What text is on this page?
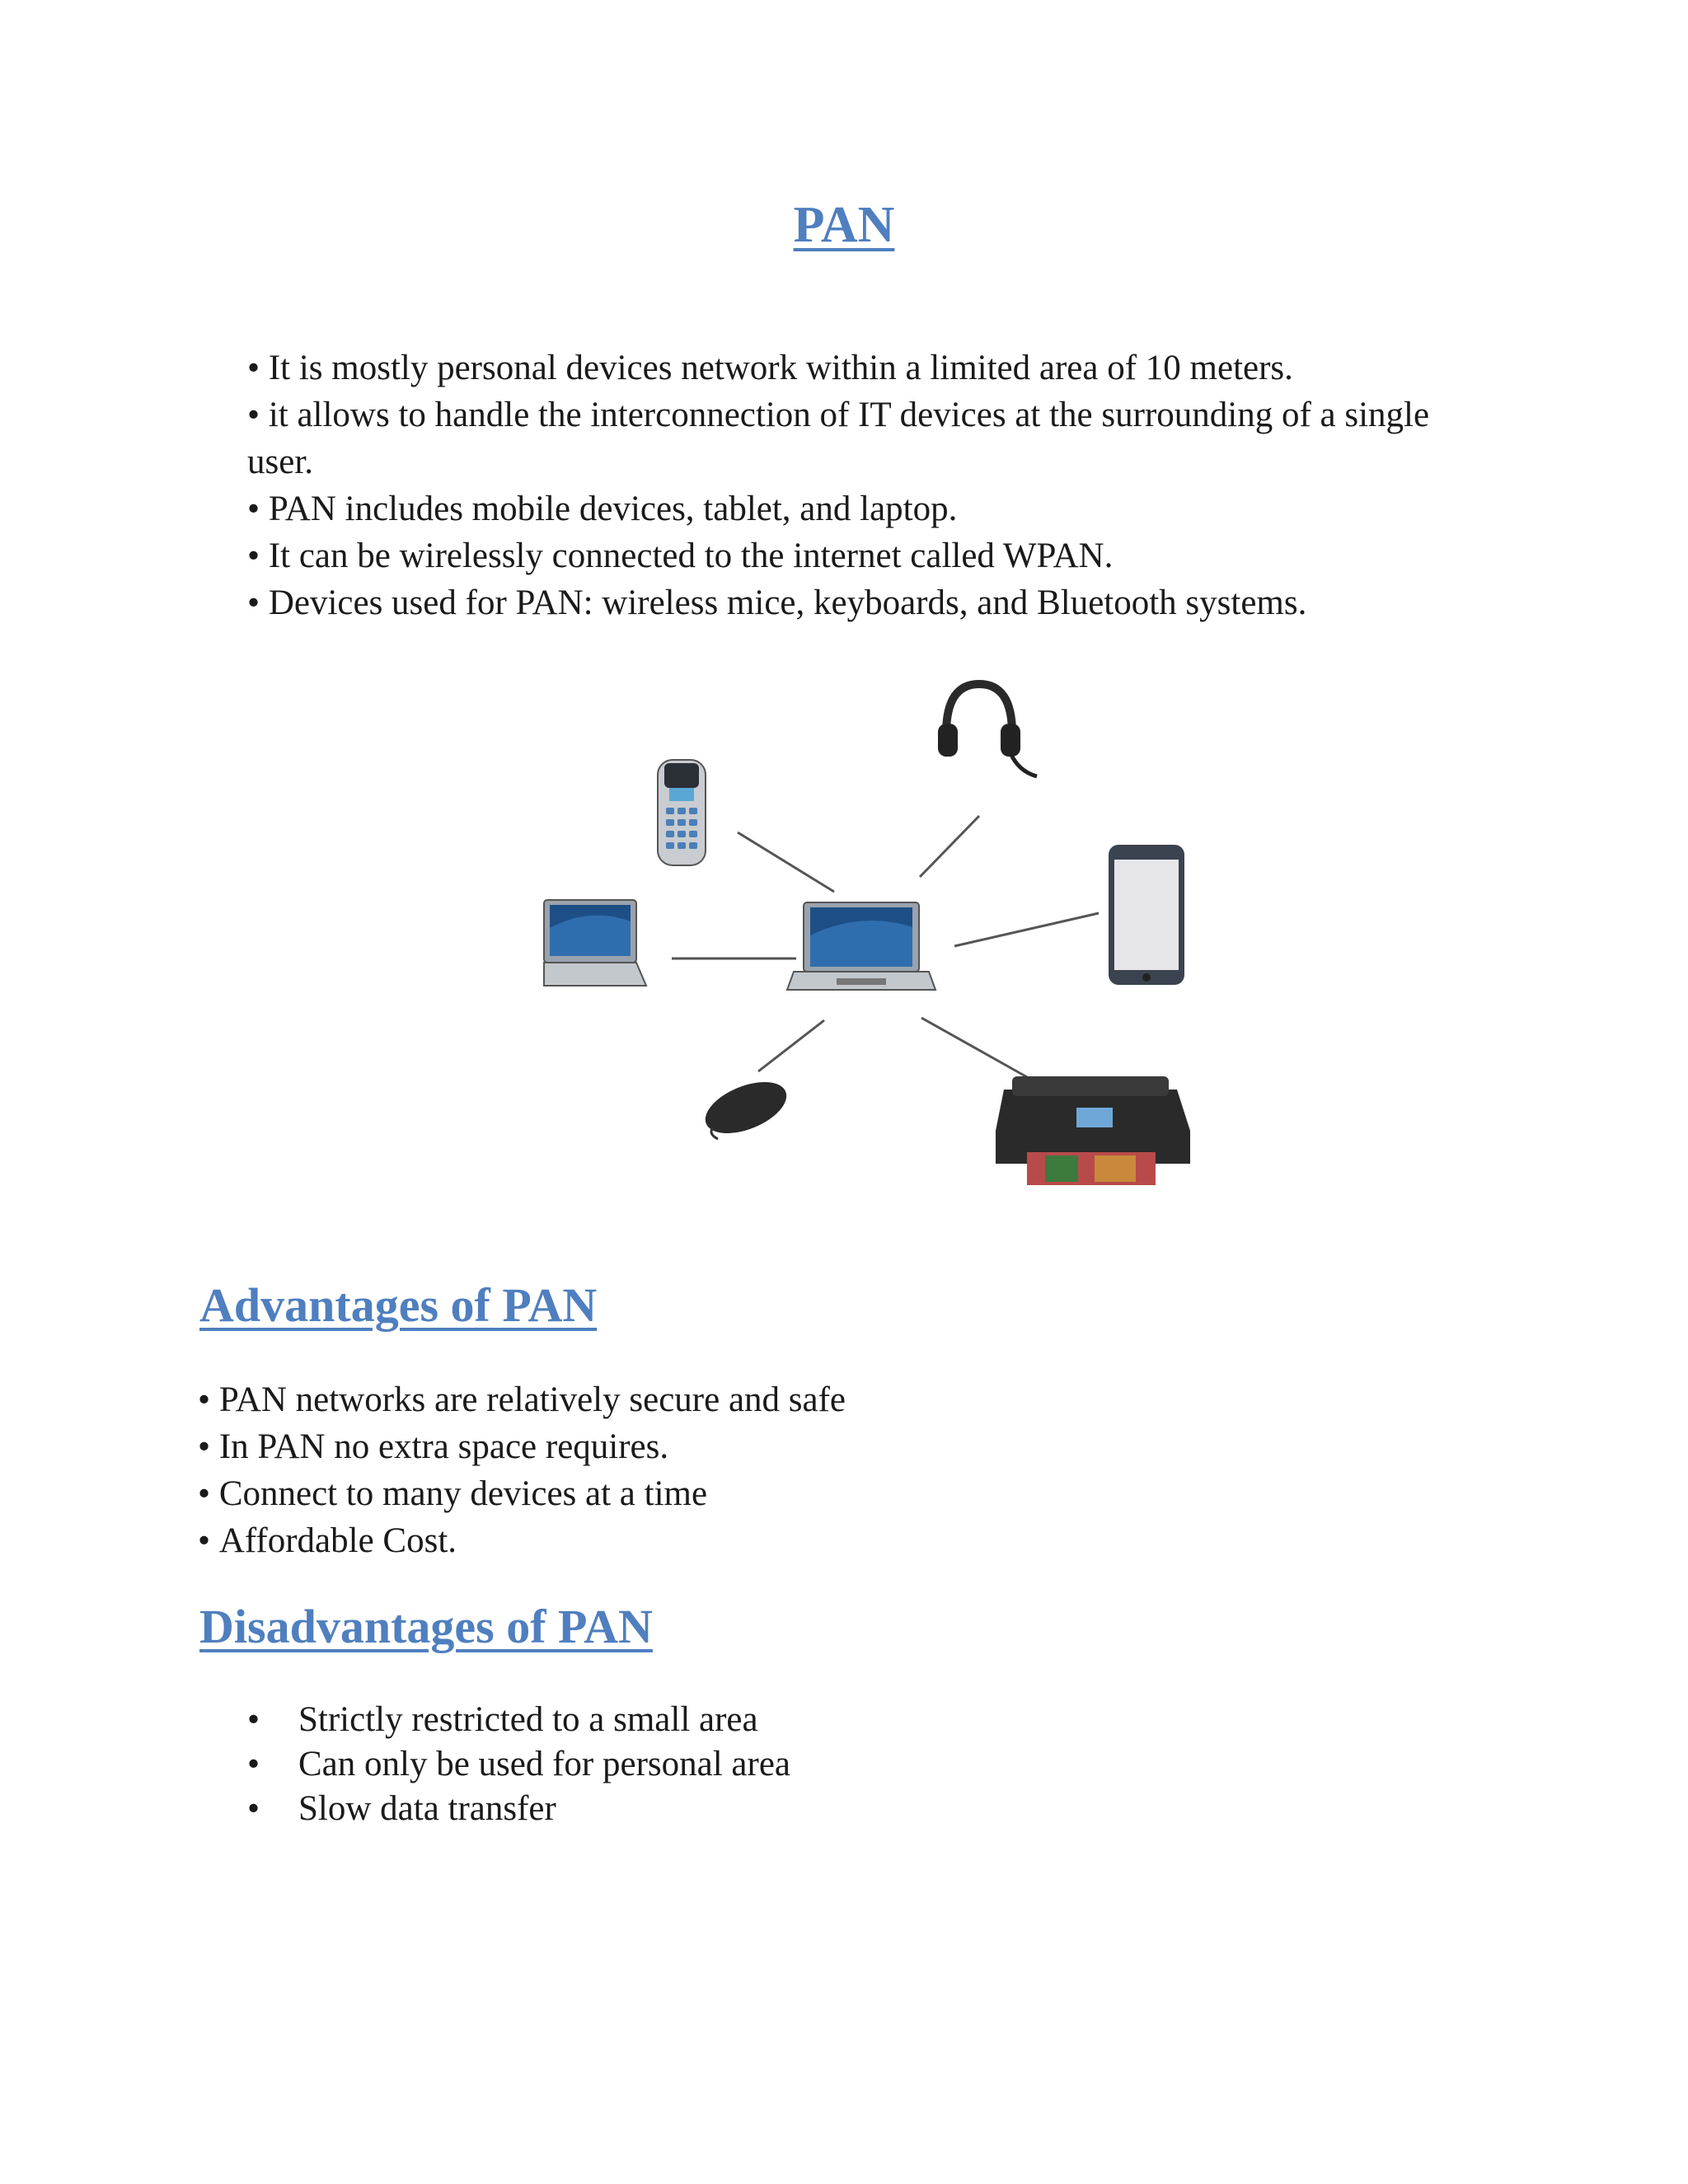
PAN
• It is mostly personal devices network within a limited area of 10 meters.
• it allows to handle the interconnection of IT devices at the surrounding of a single user.
• PAN includes mobile devices, tablet, and laptop.
• It can be wirelessly connected to the internet called WPAN.
• Devices used for PAN: wireless mice, keyboards, and Bluetooth systems.
Advantages of PAN
• PAN networks are relatively secure and safe
• In PAN no extra space requires.
• Connect to many devices at a time
• Affordable Cost.
Disadvantages of PAN
• Strictly restricted to a small area
• Can only be used for personal area
• Slow data transfer
